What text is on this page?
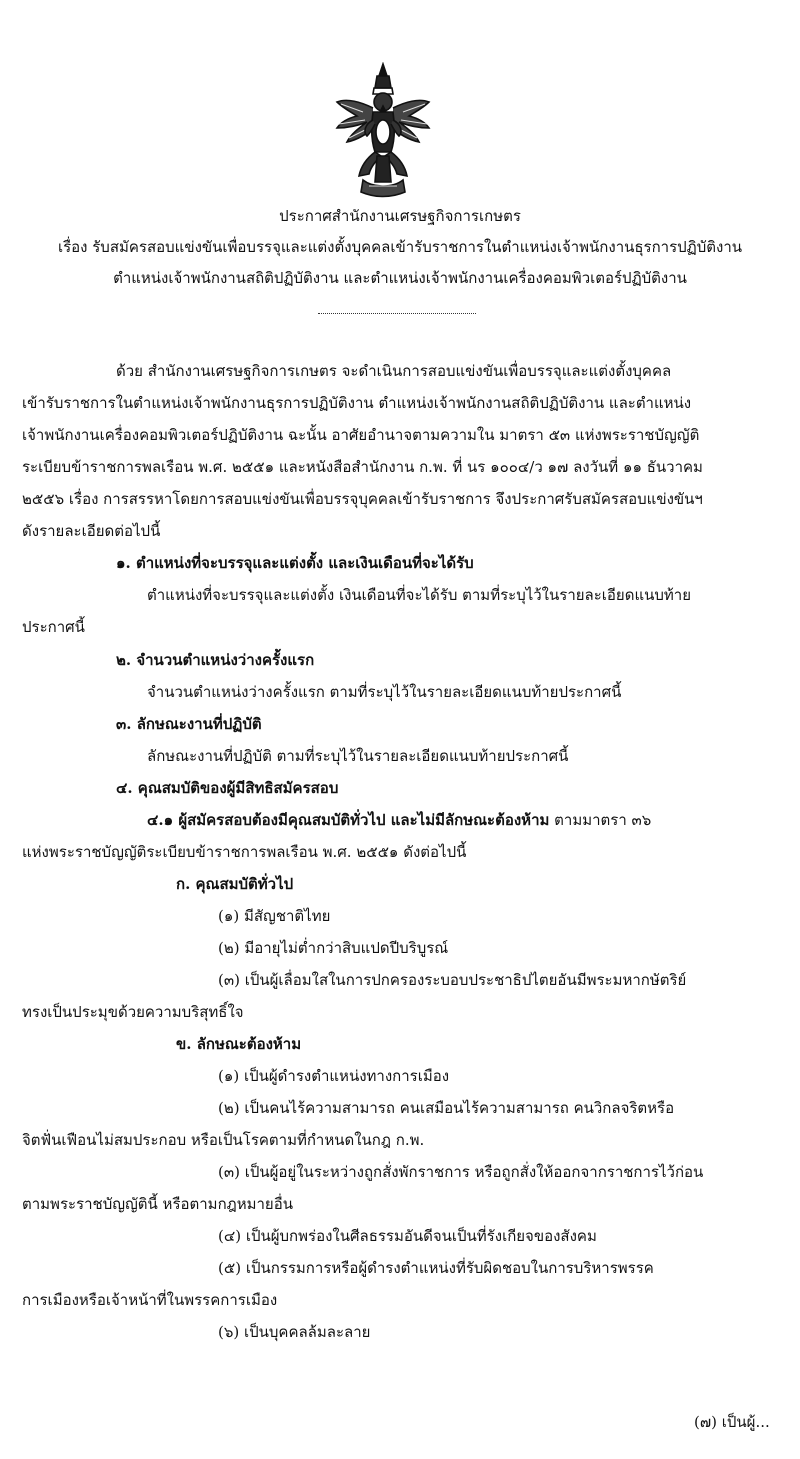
ประกาศสำนักงานเศรษฐกิจการเกษตร
เรื่อง รับสมัครสอบแข่งขันเพื่อบรรจุและแต่งตั้งบุคคลเข้ารับราชการในตำแหน่งเจ้าพนักงานธุรการปฏิบัติงาน
ตำแหน่งเจ้าพนักงานสถิติปฏิบัติงาน และตำแหน่งเจ้าพนักงานเครื่องคอมพิวเตอร์ปฏิบัติงาน
ด้วย สำนักงานเศรษฐกิจการเกษตร จะดำเนินการสอบแข่งขันเพื่อบรรจุและแต่งตั้งบุคคล
เข้ารับราชการในตำแหน่งเจ้าพนักงานธุรการปฏิบัติงาน ตำแหน่งเจ้าพนักงานสถิติปฏิบัติงาน และตำแหน่ง
เจ้าพนักงานเครื่องคอมพิวเตอร์ปฏิบัติงาน ฉะนั้น อาศัยอำนาจตามความใน มาตรา ๕๓ แห่งพระราชบัญญัติ
ระเบียบข้าราชการพลเรือน พ.ศ. ๒๕๕๑ และหนังสือสำนักงาน ก.พ. ที่ นร ๑๐๐๔/ว ๑๗ ลงวันที่ ๑๑ ธันวาคม
๒๕๕๖ เรื่อง การสรรหาโดยการสอบแข่งขันเพื่อบรรจุบุคคลเข้ารับราชการ จึงประกาศรับสมัครสอบแข่งขันฯ
ดังรายละเอียดต่อไปนี้
๑. ตำแหน่งที่จะบรรจุและแต่งตั้ง และเงินเดือนที่จะได้รับ
ตำแหน่งที่จะบรรจุและแต่งตั้ง เงินเดือนที่จะได้รับ ตามที่ระบุไว้ในรายละเอียดแนบท้าย
ประกาศนี้
๒. จำนวนตำแหน่งว่างครั้งแรก
จำนวนตำแหน่งว่างครั้งแรก ตามที่ระบุไว้ในรายละเอียดแนบท้ายประกาศนี้
๓. ลักษณะงานที่ปฏิบัติ
ลักษณะงานที่ปฏิบัติ ตามที่ระบุไว้ในรายละเอียดแนบท้ายประกาศนี้
๔. คุณสมบัติของผู้มีสิทธิสมัครสอบ
๔.๑ ผู้สมัครสอบต้องมีคุณสมบัติทั่วไป และไม่มีลักษณะต้องห้าม ตามมาตรา ๓๖
แห่งพระราชบัญญัติระเบียบข้าราชการพลเรือน พ.ศ. ๒๕๕๑ ดังต่อไปนี้
ก. คุณสมบัติทั่วไป
(๑) มีสัญชาติไทย
(๒) มีอายุไม่ต่ำกว่าสิบแปดปีบริบูรณ์
(๓) เป็นผู้เลื่อมใสในการปกครองระบอบประชาธิปไตยอันมีพระมหากษัตริย์
ทรงเป็นประมุขด้วยความบริสุทธิ์ใจ
ข. ลักษณะต้องห้าม
(๑) เป็นผู้ดำรงตำแหน่งทางการเมือง
(๒) เป็นคนไร้ความสามารถ คนเสมือนไร้ความสามารถ คนวิกลจริตหรือ
จิตฟั่นเฟือนไม่สมประกอบ หรือเป็นโรคตามที่กำหนดในกฎ ก.พ.
(๓) เป็นผู้อยู่ในระหว่างถูกสั่งพักราชการ หรือถูกสั่งให้ออกจากราชการไว้ก่อน
ตามพระราชบัญญัตินี้ หรือตามกฎหมายอื่น
(๔) เป็นผู้บกพร่องในศีลธรรมอันดีจนเป็นที่รังเกียจของสังคม
(๕) เป็นกรรมการหรือผู้ดำรงตำแหน่งที่รับผิดชอบในการบริหารพรรค
การเมืองหรือเจ้าหน้าที่ในพรรคการเมือง
(๖) เป็นบุคคลล้มละลาย
(๗) เป็นผู้...
